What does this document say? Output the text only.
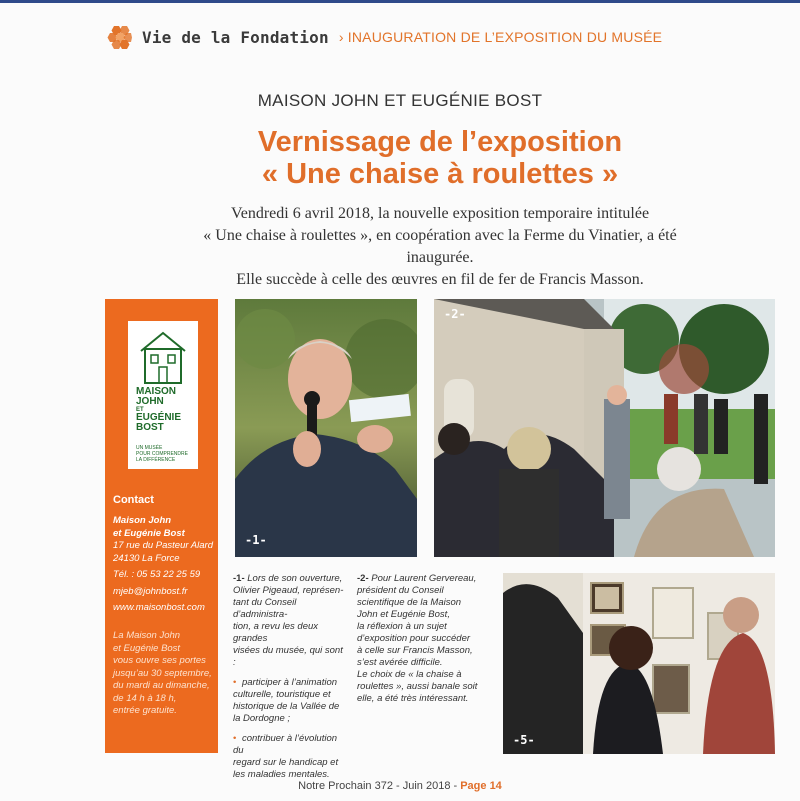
Vie de la Fondation › INAUGURATION DE L’EXPOSITION DU MUSÉE
MAISON JOHN ET EUGÉNIE BOST
Vernissage de l’exposition
« Une chaise à roulettes »
Vendredi 6 avril 2018, la nouvelle exposition temporaire intitulée
« Une chaise à roulettes », en coopération avec la Ferme du Vinatier, a été inaugurée.
Elle succède à celle des œuvres en fil de fer de Francis Masson.
MAISON
JOHN
ET
EUGÉNIE
BOST
UN MUSÉE
POUR COMPRENDRE
LA DIFFÉRENCE
Contact
Maison John
et Eugénie Bost
17 rue du Pasteur Alard
24130 La Force
Tél. : 05 53 22 25 59
mjeb@johnbost.fr
www.maisonbost.com
La Maison John
et Eugénie Bost
vous ouvre ses portes
jusqu’au 30 septembre,
du mardi au dimanche,
de 14 h à 18 h,
entrée gratuite.
-1-
-2-
-5-
-1- Lors de son ouverture,
Olivier Pigeaud, représen-
tant du Conseil d’administra-
tion, a revu les deux grandes
visées du musée, qui sont :
• participer à l’animation
culturelle, touristique et
historique de la Vallée de
la Dordogne ;
• contribuer à l’évolution du
regard sur le handicap et
les maladies mentales.
-2- Pour Laurent Gervereau,
président du Conseil
scientifique de la Maison
John et Eugénie Bost,
la réflexion à un sujet
d’exposition pour succéder
à celle sur Francis Masson,
s’est avérée difficile.
Le choix de « la chaise à
roulettes », aussi banale soit
elle, a été très intéressant.
Notre Prochain 372 - Juin 2018 - Page 14
